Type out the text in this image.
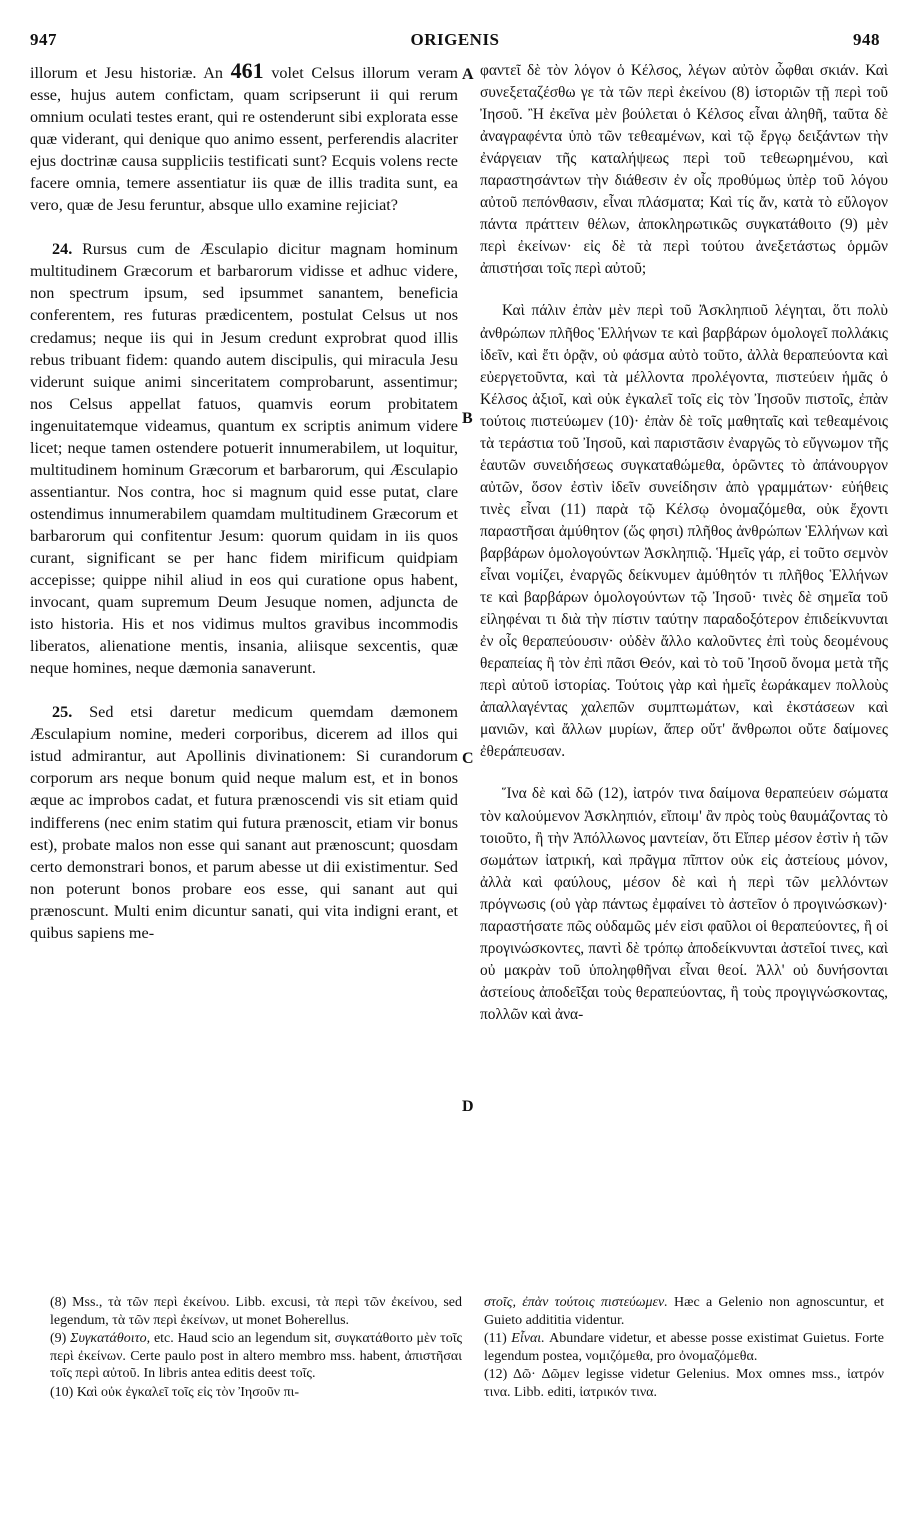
947	ORIGENIS	948

illorum et Jesu historiæ. An 461 volet Celsus illorum veram esse, hujus autem confictam, quam scripserunt ii qui rerum omnium oculati testes erant, qui re ostenderunt sibi explorata esse quæ viderant, qui denique quo animo essent, perferendis alacriter ejus doctrinæ causa suppliciis testificati sunt? Ecquis volens recte facere omnia, temere assentiatur iis quæ de illis tradita sunt, ea vero, quæ de Jesu feruntur, absque ullo examine rejiciat?

24. Rursus cum de Æsculapio dicitur magnam hominum multitudinem Græcorum et barbarorum vidisse et adhuc videre, non spectrum ipsum, sed ipsummet sanantem, beneficia conferentem, res futuras prædicentem, postulat Celsus ut nos credamus; neque iis qui in Jesum credunt exprobrat quod illis rebus tribuant fidem: quando autem discipulis, qui miracula Jesu viderunt suique animi sinceritatem comprobarunt, assentimur; nos Celsus appellat fatuos, quamvis eorum probitatem ingenuitatemque videamus, quantum ex scriptis animum videre licet; neque tamen ostendere potuerit innumerabilem, ut loquitur, multitudinem hominum Græcorum et barbarorum, qui Æsculapio assentiantur. Nos contra, hoc si magnum quid esse putat, clare ostendimus innumerabilem quamdam multitudinem Græcorum et barbarorum qui confitentur Jesum: quorum quidam in iis quos curant, significant se per hanc fidem mirificum quidpiam accepisse; quippe nihil aliud in eos qui curatione opus habent, invocant, quam supremum Deum Jesuque nomen, adjuncta de isto historia. His et nos vidimus multos gravibus incommodis liberatos, alienatione mentis, insania, aliisque sexcentis, quæ neque homines, neque dæmonia sanaverunt.

25. Sed etsi daretur medicum quemdam dæmonem Æsculapium nomine, mederi corporibus, dicerem ad illos qui istud admirantur, aut Apollinis divinationem: Si curandorum corporum ars neque bonum quid neque malum est, et in bonos æque ac improbos cadat, et futura prænoscendi vis sit etiam quid indifferens (nec enim statim qui futura prænoscit, etiam vir bonus est), probate malos non esse qui sanant aut prænoscunt; quosdam certo demonstrari bonos, et parum abesse ut dii existimentur. Sed non poterunt bonos probare eos esse, qui sanant aut qui prænoscunt. Multi enim dicuntur sanati, qui vita indigni erant, et quibus sapiens me-

A
B
C
D

φαντεῖ δὲ τὸν λόγον ὁ Κέλσος, λέγων αὐτὸν ὦφθαι σκιάν. Καὶ συνεξεταζέσθω γε τὰ τῶν περὶ ἐκείνου (8) ἱστοριῶν τῇ περὶ τοῦ Ἰησοῦ. Ἢ ἐκεῖνα μὲν βούλεται ὁ Κέλσος εἶναι ἀληθῆ, ταῦτα δὲ ἀναγραφέντα ὑπὸ τῶν τεθεαμένων, καὶ τῷ ἔργῳ δειξάντων τὴν ἐνάργειαν τῆς καταλήψεως περὶ τοῦ τεθεωρημένου, καὶ παραστησάντων τὴν διάθεσιν ἐν οἷς προθύμως ὑπὲρ τοῦ λόγου αὐτοῦ πεπόνθασιν, εἶναι πλάσματα; Καὶ τίς ἄν, κατὰ τὸ εὔλογον πάντα πράττειν θέλων, ἀποκληρωτικῶς συγκατάθοιτο (9) μὲν περὶ ἐκείνων· εἰς δὲ τὰ περὶ τούτου ἀνεξετάστως ὁρμῶν ἀπιστήσαι τοῖς περὶ αὐτοῦ;

Καὶ πάλιν ἐπὰν μὲν περὶ τοῦ Ἀσκληπιοῦ λέγηται, ὅτι πολὺ ἀνθρώπων πλῆθος Ἑλλήνων τε καὶ βαρβάρων ὁμολογεῖ πολλάκις ἰδεῖν, καὶ ἔτι ὁρᾷν, οὐ φάσμα αὐτὸ τοῦτο, ἀλλὰ θεραπεύοντα καὶ εὐεργετοῦντα, καὶ τὰ μέλλοντα προλέγοντα, πιστεύειν ἡμᾶς ὁ Κέλσος ἀξιοῖ, καὶ οὐκ ἐγκαλεῖ τοῖς εἰς τὸν Ἰησοῦν πιστοῖς, ἐπὰν τούτοις πιστεύωμεν (10)· ἐπὰν δὲ τοῖς μαθηταῖς καὶ τεθεαμένοις τὰ τεράστια τοῦ Ἰησοῦ, καὶ παριστᾶσιν ἐναργῶς τὸ εὔγνωμον τῆς ἑαυτῶν συνειδήσεως συγκαταθώμεθα, ὁρῶντες τὸ ἀπάνουργον αὐτῶν, ὅσον ἐστὶν ἰδεῖν συνείδησιν ἀπὸ γραμμάτων· εὐήθεις τινὲς εἶναι (11) παρὰ τῷ Κέλσῳ ὀνομαζόμεθα, οὐκ ἔχοντι παραστῆσαι ἀμύθητον (ὥς φησι) πλῆθος ἀνθρώπων Ἑλλήνων καὶ βαρβάρων ὁμολογούντων Ἀσκληπιῷ. Ἡμεῖς γάρ, εἰ τοῦτο σεμνὸν εἶναι νομίζει, ἐναργῶς δείκνυμεν ἀμύθητόν τι πλῆθος Ἑλλήνων τε καὶ βαρβάρων ὁμολογούντων τῷ Ἰησοῦ· τινὲς δὲ σημεῖα τοῦ εἰληφέναι τι διὰ τὴν πίστιν ταύτην παραδοξότερον ἐπιδείκνυνται ἐν οἷς θεραπεύουσιν· οὐδὲν ἄλλο καλοῦντες ἐπὶ τοὺς δεομένους θεραπείας ἢ τὸν ἐπὶ πᾶσι Θεόν, καὶ τὸ τοῦ Ἰησοῦ ὄνομα μετὰ τῆς περὶ αὐτοῦ ἱστορίας. Τούτοις γὰρ καὶ ἡμεῖς ἑωράκαμεν πολλοὺς ἀπαλλαγέντας χαλεπῶν συμπτωμάτων, καὶ ἐκστάσεων καὶ μανιῶν, καὶ ἄλλων μυρίων, ἅπερ οὔτ' ἄνθρωποι οὔτε δαίμονες ἐθεράπευσαν.

Ἵνα δὲ καὶ δῶ (12), ἰατρόν τινα δαίμονα θεραπεύειν σώματα τὸν καλούμενον Ἀσκληπιόν, εἴποιμ' ἂν πρὸς τοὺς θαυμάζοντας τὸ τοιοῦτο, ἢ τὴν Ἀπόλλωνος μαντείαν, ὅτι Εἴπερ μέσον ἐστὶν ἡ τῶν σωμάτων ἰατρική, καὶ πρᾶγμα πῖπτον οὐκ εἰς ἀστείους μόνον, ἀλλὰ καὶ φαύλους, μέσον δὲ καὶ ἡ περὶ τῶν μελλόντων πρόγνωσις (οὐ γὰρ πάντως ἐμφαίνει τὸ ἀστεῖον ὁ προγινώσκων)· παραστήσατε πῶς οὐδαμῶς μέν εἰσι φαῦλοι οἱ θεραπεύοντες, ἢ οἱ προγινώσκοντες, παντὶ δὲ τρόπῳ ἀποδείκνυνται ἀστεῖοί τινες, καὶ οὐ μακρὰν τοῦ ὑποληφθῆναι εἶναι θεοί. Ἀλλ' οὐ δυνήσονται ἀστείους ἀποδεῖξαι τοὺς θεραπεύοντας, ἢ τοὺς προγιγνώσκοντας, πολλῶν καὶ ἀνα-

(8) Mss., τὰ τῶν περὶ ἐκείνου. Libb. excusi, τὰ περὶ τῶν ἐκείνου, sed legendum, τὰ τῶν περὶ ἐκείνων, ut monet Boherellus.

(9) Συγκατάθοιτο, etc. Haud scio an legendum sit, συγκατάθοιτο μὲν τοῖς περὶ ἐκείνων. Certe paulo post in altero membro mss. habent, ἀπιστῆσαι τοῖς περὶ αὐτοῦ. In libris antea editis deest τοῖς.

(10) Καὶ οὐκ ἐγκαλεῖ τοῖς εἰς τὸν Ἰησοῦν πι-

στοῖς, ἐπὰν τούτοις πιστεύωμεν. Hæc a Gelenio non agnoscuntur, et Guieto addititia videntur.

(11) Εἶναι. Abundare videtur, et abesse posse existimat Guietus. Forte legendum postea, νομιζόμεθα, pro ὀνομαζόμεθα.

(12) Δῶ· Δῶμεν legisse videtur Gelenius. Mox omnes mss., ἰατρόν τινα. Libb. editi, ἰατρικόν τινα.
